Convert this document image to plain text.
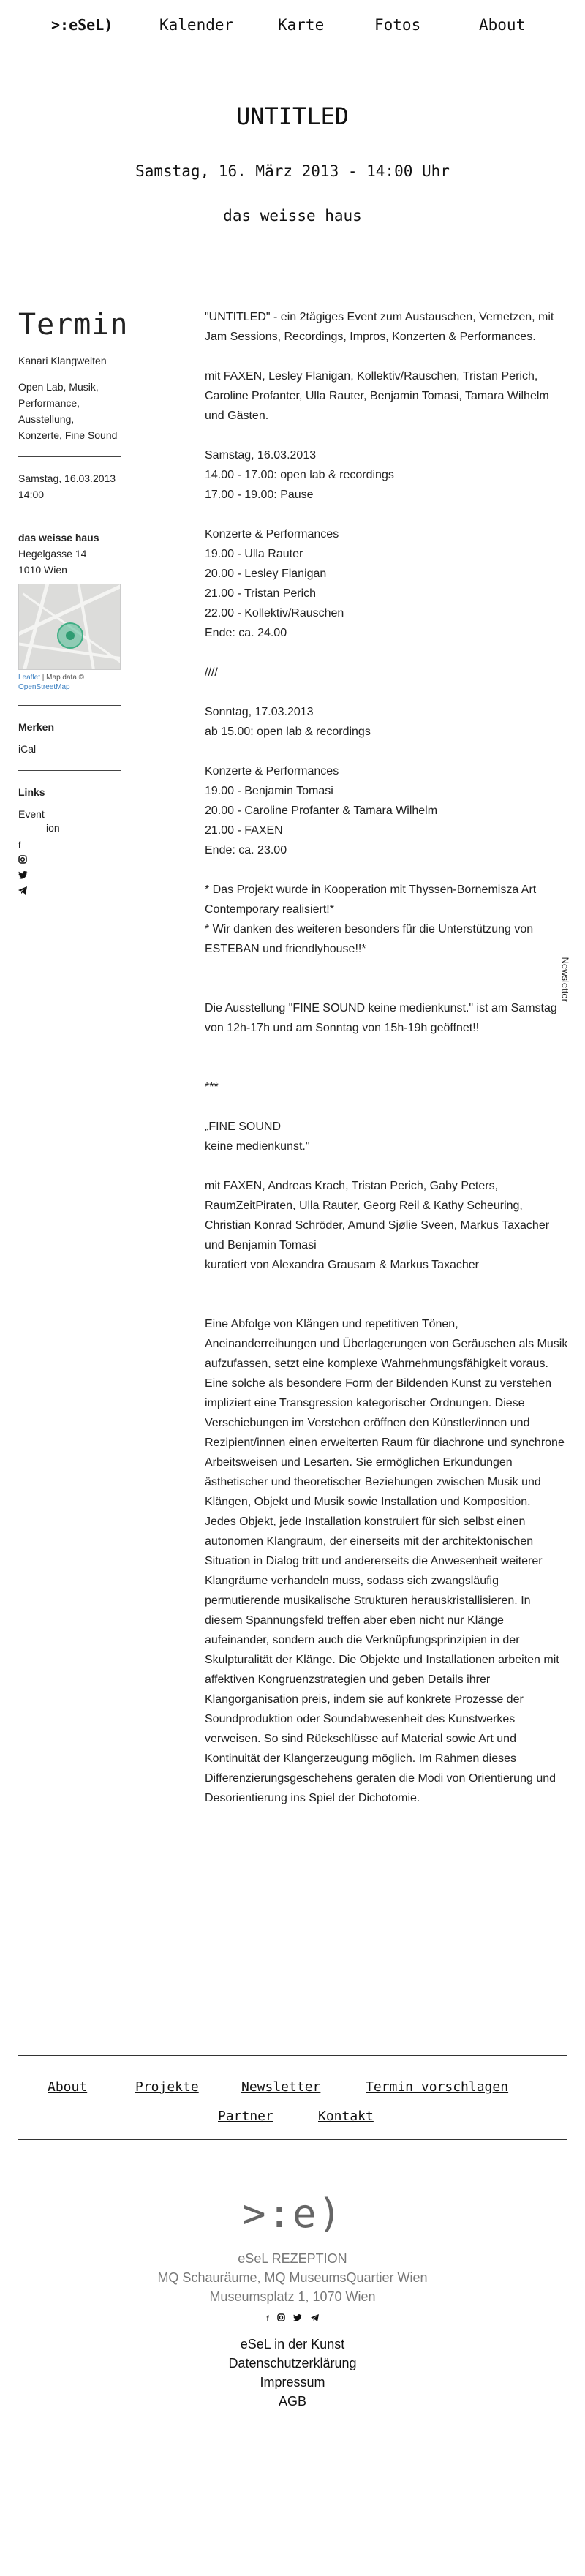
>:eSeL)	Kalender	Karte	Fotos	About
UNTITLED
Samstag, 16. März 2013 - 14:00 Uhr
das weisse haus
Termin
Kanari Klangwelten
Open Lab, Musik, Performance, Ausstellung, Konzerte, Fine Sound
Samstag, 16.03.2013 14:00
das weisse haus
Hegelgasse 14
1010 Wien
Leaflet | Map data © OpenStreetMap
Merken
iCal
Links
Event
ion
f

"UNTITLED" - ein 2tägiges Event zum Austauschen, Vernetzen, mit Jam Sessions, Recordings, Impros, Konzerten & Performances.

mit FAXEN, Lesley Flanigan, Kollektiv/Rauschen, Tristan Perich, Caroline Profanter, Ulla Rauter, Benjamin Tomasi, Tamara Wilhelm und Gästen.

Samstag, 16.03.2013
14.00 - 17.00: open lab & recordings
17.00 - 19.00: Pause

Konzerte & Performances
19.00 - Ulla Rauter
20.00 - Lesley Flanigan
21.00 - Tristan Perich
22.00 - Kollektiv/Rauschen
Ende: ca. 24.00

////

Sonntag, 17.03.2013
ab 15.00: open lab & recordings

Konzerte & Performances
19.00 - Benjamin Tomasi
20.00 - Caroline Profanter & Tamara Wilhelm
21.00 - FAXEN
Ende: ca. 23.00

* Das Projekt wurde in Kooperation mit Thyssen-Bornemisza Art Contemporary realisiert!*
* Wir danken des weiteren besonders für die Unterstützung von ESTEBAN und friendlyhouse!!*

Die Ausstellung "FINE SOUND keine medienkunst." ist am Samstag von 12h-17h und am Sonntag von 15h-19h geöffnet!!

***

„FINE SOUND
keine medienkunst."

mit FAXEN, Andreas Krach, Tristan Perich, Gaby Peters, RaumZeitPiraten, Ulla Rauter, Georg Reil & Kathy Scheuring, Christian Konrad Schröder, Amund Sjølie Sveen, Markus Taxacher und Benjamin Tomasi
kuratiert von Alexandra Grausam & Markus Taxacher

Eine Abfolge von Klängen und repetitiven Tönen, Aneinanderreihungen und Überlagerungen von Geräuschen als Musik aufzufassen, setzt eine komplexe Wahrnehmungsfähigkeit voraus. Eine solche als besondere Form der Bildenden Kunst zu verstehen impliziert eine Transgression kategorischer Ordnungen. Diese Verschiebungen im Verstehen eröffnen den Künstler/innen und Rezipient/innen einen erweiterten Raum für diachrone und synchrone Arbeitsweisen und Lesarten. Sie ermöglichen Erkundungen ästhetischer und theoretischer Beziehungen zwischen Musik und Klängen, Objekt und Musik sowie Installation und Komposition.
Jedes Objekt, jede Installation konstruiert für sich selbst einen autonomen Klangraum, der einerseits mit der architektonischen Situation in Dialog tritt und andererseits die Anwesenheit weiterer Klangräume verhandeln muss, sodass sich zwangsläufig permutierende musikalische Strukturen herauskristallisieren. In diesem Spannungsfeld treffen aber eben nicht nur Klänge aufeinander, sondern auch die Verknüpfungsprinzipien in der Skulpturalität der Klänge. Die Objekte und Installationen arbeiten mit affektiven Kongruenzstrategien und geben Details ihrer Klangorganisation preis, indem sie auf konkrete Prozesse der Soundproduktion oder Soundabwesenheit des Kunstwerkes verweisen. So sind Rückschlüsse auf Material sowie Art und Kontinuität der Klangerzeugung möglich. Im Rahmen dieses Differenzierungsgeschehens geraten die Modi von Orientierung und Desorientierung ins Spiel der Dichotomie.

Newsletter
About	Projekte	Newsletter	Termin vorschlagen
Partner	Kontakt
>:e)
eSeL REZEPTION
MQ Schauräume, MQ MuseumsQuartier Wien
Museumsplatz 1, 1070 Wien
f
eSeL in der Kunst
Datenschutzerklärung
Impressum
AGB
